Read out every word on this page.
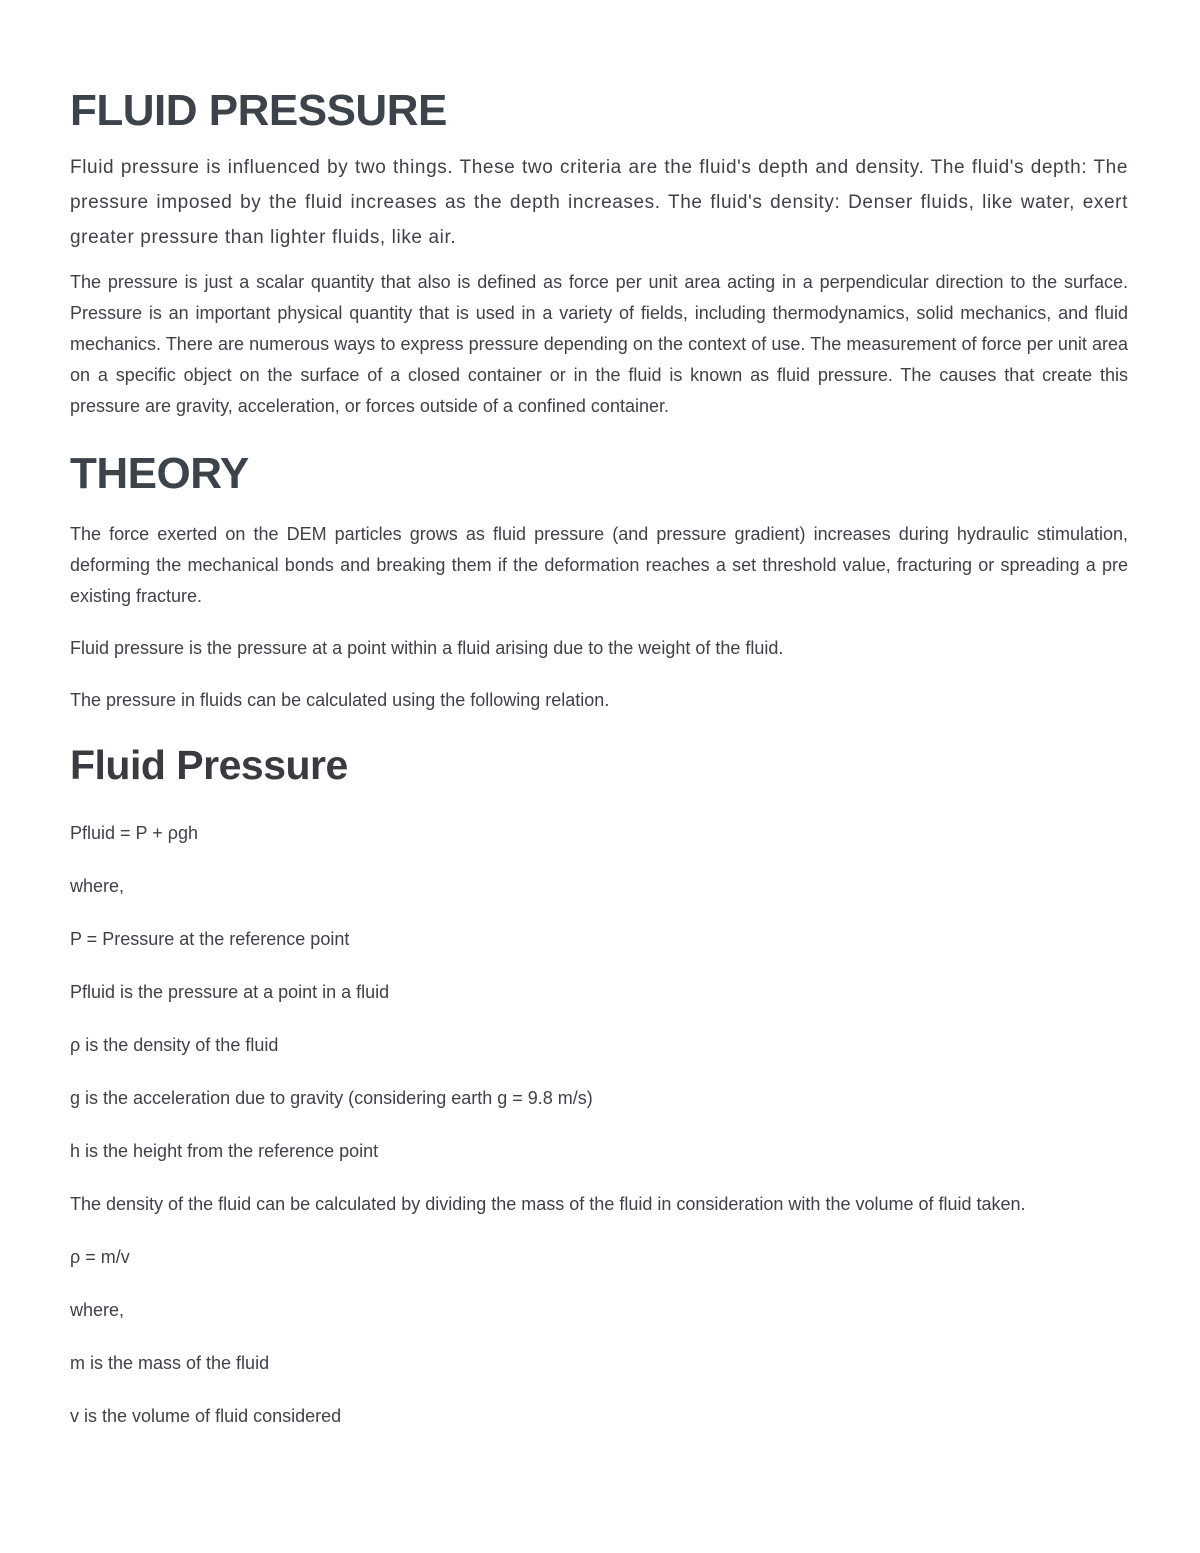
FLUID PRESSURE

Fluid pressure is influenced by two things. These two criteria are the fluid's depth and density. The fluid's depth: The pressure imposed by the fluid increases as the depth increases. The fluid's density: Denser fluids, like water, exert greater pressure than lighter fluids, like air.

The pressure is just a scalar quantity that also is defined as force per unit area acting in a perpendicular direction to the surface. Pressure is an important physical quantity that is used in a variety of fields, including thermodynamics, solid mechanics, and fluid mechanics. There are numerous ways to express pressure depending on the context of use. The measurement of force per unit area on a specific object on the surface of a closed container or in the fluid is known as fluid pressure. The causes that create this pressure are gravity, acceleration, or forces outside of a confined container.

THEORY

The force exerted on the DEM particles grows as fluid pressure (and pressure gradient) increases during hydraulic stimulation, deforming the mechanical bonds and breaking them if the deformation reaches a set threshold value, fracturing or spreading a pre existing fracture.

Fluid pressure is the pressure at a point within a fluid arising due to the weight of the fluid.

The pressure in fluids can be calculated using the following relation.

Fluid Pressure

Pfluid = P + ρgh

where,

P = Pressure at the reference point

Pfluid is the pressure at a point in a fluid

ρ is the density of the fluid

g is the acceleration due to gravity (considering earth g = 9.8 m/s)

h is the height from the reference point

The density of the fluid can be calculated by dividing the mass of the fluid in consideration with the volume of fluid taken.

ρ = m/v

where,

m is the mass of the fluid

v is the volume of fluid considered
